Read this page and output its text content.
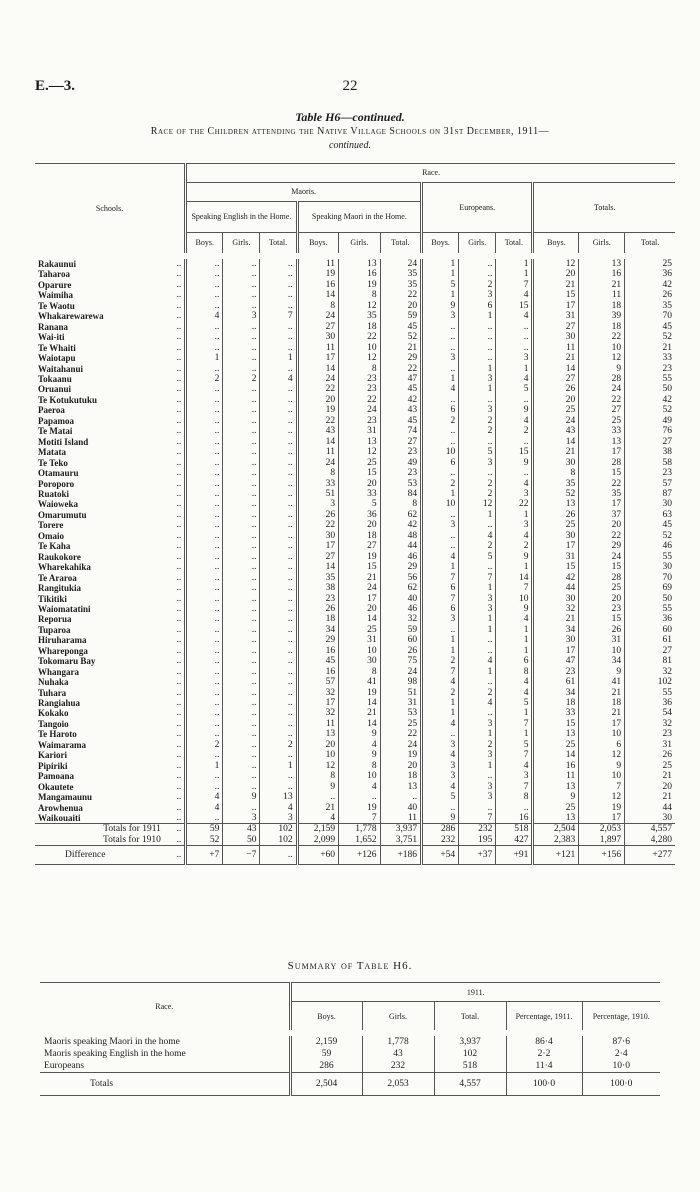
E.—3.	22
Table H6—continued.
Race of the Children attending the Native Village Schools on 31st December, 1911—
continued.
Schools.		Race.											
		Maoris.						Europeans.			Totals.		
		Speaking English in the Home.			Speaking Maori in the Home.								
		Boys.	Girls.	Total.	Boys.	Girls.	Total.	Boys.	Girls.	Total.	Boys.	Girls.	Total.
Rakaunui	..	..	..	..	11	13	24	1	..	1	12	13	25
Taharoa	..	..	..	..	19	16	35	1	..	1	20	16	36
Oparure	..	..	..	..	16	19	35	5	2	7	21	21	42
Waimiha	..	..	..	..	14	8	22	1	3	4	15	11	26
Te Waotu	..	..	..	..	8	12	20	9	6	15	17	18	35
Whakarewarewa	..	4	3	7	24	35	59	3	1	4	31	39	70
Ranana	..	..	..	..	27	18	45	..	..	..	27	18	45
Wai-iti	..	..	..	..	30	22	52	..	..	..	30	22	52
Te Whaiti	..	..	..	..	11	10	21	..	..	..	11	10	21
Waiotapu	..	1	..	1	17	12	29	3	..	3	21	12	33
Waitahanui	..	..	..	..	14	8	22	..	1	1	14	9	23
Tokaanu	..	2	2	4	24	23	47	1	3	4	27	28	55
Oruanui	..	..	..	..	22	23	45	4	1	5	26	24	50
Te Kotukutuku	..	..	..	..	20	22	42	..	..	..	20	22	42
Paeroa	..	..	..	..	19	24	43	6	3	9	25	27	52
Papamoa	..	..	..	..	22	23	45	2	2	4	24	25	49
Te Matai	..	..	..	..	43	31	74	..	2	2	43	33	76
Motiti Island	..	..	..	..	14	13	27	..	..	..	14	13	27
Matata	..	..	..	..	11	12	23	10	5	15	21	17	38
Te Teko	..	..	..	..	24	25	49	6	3	9	30	28	58
Otamauru	..	..	..	..	8	15	23	..	..	..	8	15	23
Poroporo	..	..	..	..	33	20	53	2	2	4	35	22	57
Ruatoki	..	..	..	..	51	33	84	1	2	3	52	35	87
Waioweka	..	..	..	..	3	5	8	10	12	22	13	17	30
Omarumutu	..	..	..	..	26	36	62	..	1	1	26	37	63
Torere	..	..	..	..	22	20	42	3	..	3	25	20	45
Omaio	..	..	..	..	30	18	48	..	4	4	30	22	52
Te Kaha	..	..	..	..	17	27	44	..	2	2	17	29	46
Raukokore	..	..	..	..	27	19	46	4	5	9	31	24	55
Wharekahika	..	..	..	..	14	15	29	1	..	1	15	15	30
Te Araroa	..	..	..	..	35	21	56	7	7	14	42	28	70
Rangitukia	..	..	..	..	38	24	62	6	1	7	44	25	69
Tikitiki	..	..	..	..	23	17	40	7	3	10	30	20	50
Waiomatatini	..	..	..	..	26	20	46	6	3	9	32	23	55
Reporua	..	..	..	..	18	14	32	3	1	4	21	15	36
Tuparoa	..	..	..	..	34	25	59	..	1	1	34	26	60
Hiruharama	..	..	..	..	29	31	60	1	..	1	30	31	61
Whareponga	..	..	..	..	16	10	26	1	..	1	17	10	27
Tokomaru Bay	..	..	..	..	45	30	75	2	4	6	47	34	81
Whangara	..	..	..	..	16	8	24	7	1	8	23	9	32
Nuhaka	..	..	..	..	57	41	98	4	..	4	61	41	102
Tuhara	..	..	..	..	32	19	51	2	2	4	34	21	55
Rangiahua	..	..	..	..	17	14	31	1	4	5	18	18	36
Kokako	..	..	..	..	32	21	53	1	..	1	33	21	54
Tangoio	..	..	..	..	11	14	25	4	3	7	15	17	32
Te Haroto	..	..	..	..	13	9	22	..	1	1	13	10	23
Waimarama	..	2	..	2	20	4	24	3	2	5	25	6	31
Kariori	..	..	..	..	10	9	19	4	3	7	14	12	26
Pipiriki	..	1	..	1	12	8	20	3	1	4	16	9	25
Pamoana	..	..	..	..	8	10	18	3	..	3	11	10	21
Okautete	..	..	..	..	9	4	13	4	3	7	13	7	20
Mangamaunu	..	4	9	13	..	..	..	5	3	8	9	12	21
Arowhenua	..	4	..	4	21	19	40	..	..	..	25	19	44
Waikouaiti	..	..	3	3	4	7	11	9	7	16	13	17	30
Totals for 1911	..	59	43	102	2,159	1,778	3,937	286	232	518	2,504	2,053	4,557
Totals for 1910	..	52	50	102	2,099	1,652	3,751	232	195	427	2,383	1,897	4,280
Difference	..	+7	−7	..	+60	+126	+186	+54	+37	+91	+121	+156	+277
Summary of Table H6.
Race.	1911.				
	Boys.	Girls.	Total.	Percentage, 1911.	Percentage, 1910.
Maoris speaking Maori in the home	2,159	1,778	3,937	86·4	87·6
Maoris speaking English in the home	59	43	102	2·2	2·4
Europeans	286	232	518	11·4	10·0
Totals	2,504	2,053	4,557	100·0	100·0
